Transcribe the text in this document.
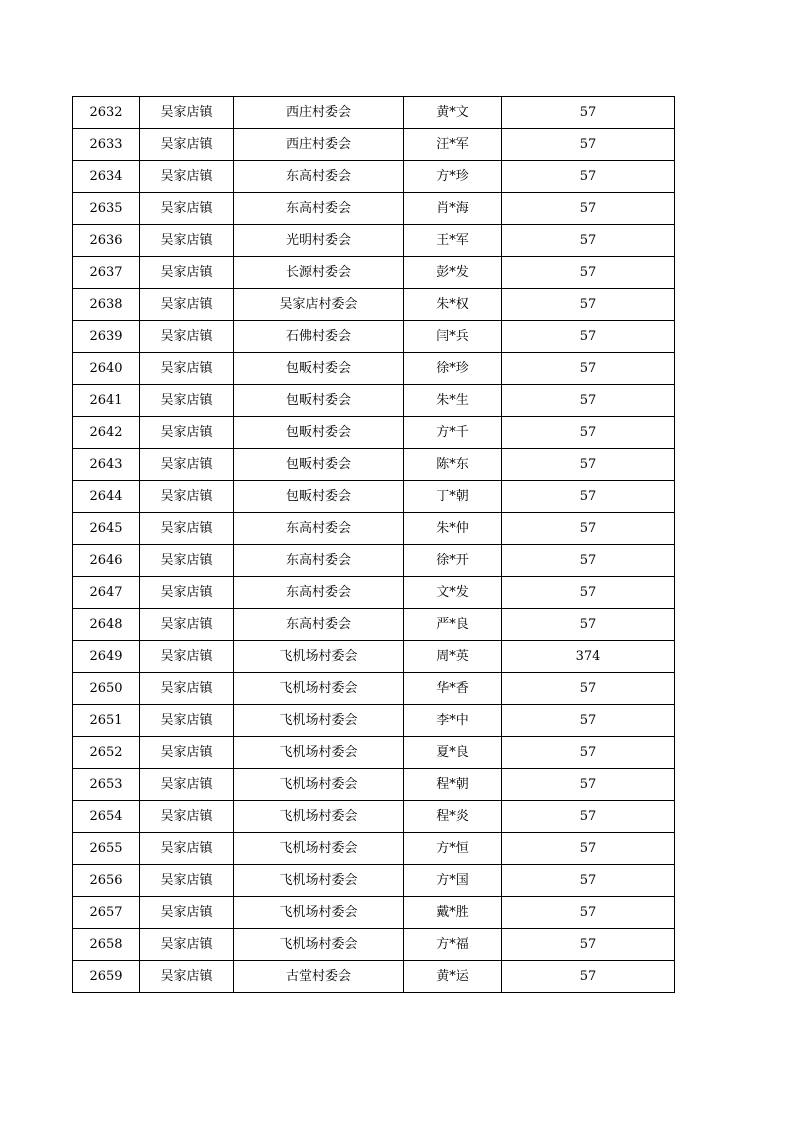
2632	吴家店镇	西庄村委会	黄*文	57
2633	吴家店镇	西庄村委会	汪*军	57
2634	吴家店镇	东高村委会	方*珍	57
2635	吴家店镇	东高村委会	肖*海	57
2636	吴家店镇	光明村委会	王*军	57
2637	吴家店镇	长源村委会	彭*发	57
2638	吴家店镇	吴家店村委会	朱*权	57
2639	吴家店镇	石佛村委会	闫*兵	57
2640	吴家店镇	包畈村委会	徐*珍	57
2641	吴家店镇	包畈村委会	朱*生	57
2642	吴家店镇	包畈村委会	方*千	57
2643	吴家店镇	包畈村委会	陈*东	57
2644	吴家店镇	包畈村委会	丁*朝	57
2645	吴家店镇	东高村委会	朱*仲	57
2646	吴家店镇	东高村委会	徐*开	57
2647	吴家店镇	东高村委会	文*发	57
2648	吴家店镇	东高村委会	严*良	57
2649	吴家店镇	飞机场村委会	周*英	374
2650	吴家店镇	飞机场村委会	华*香	57
2651	吴家店镇	飞机场村委会	李*中	57
2652	吴家店镇	飞机场村委会	夏*良	57
2653	吴家店镇	飞机场村委会	程*朝	57
2654	吴家店镇	飞机场村委会	程*炎	57
2655	吴家店镇	飞机场村委会	方*恒	57
2656	吴家店镇	飞机场村委会	方*国	57
2657	吴家店镇	飞机场村委会	戴*胜	57
2658	吴家店镇	飞机场村委会	方*福	57
2659	吴家店镇	古堂村委会	黄*运	57
